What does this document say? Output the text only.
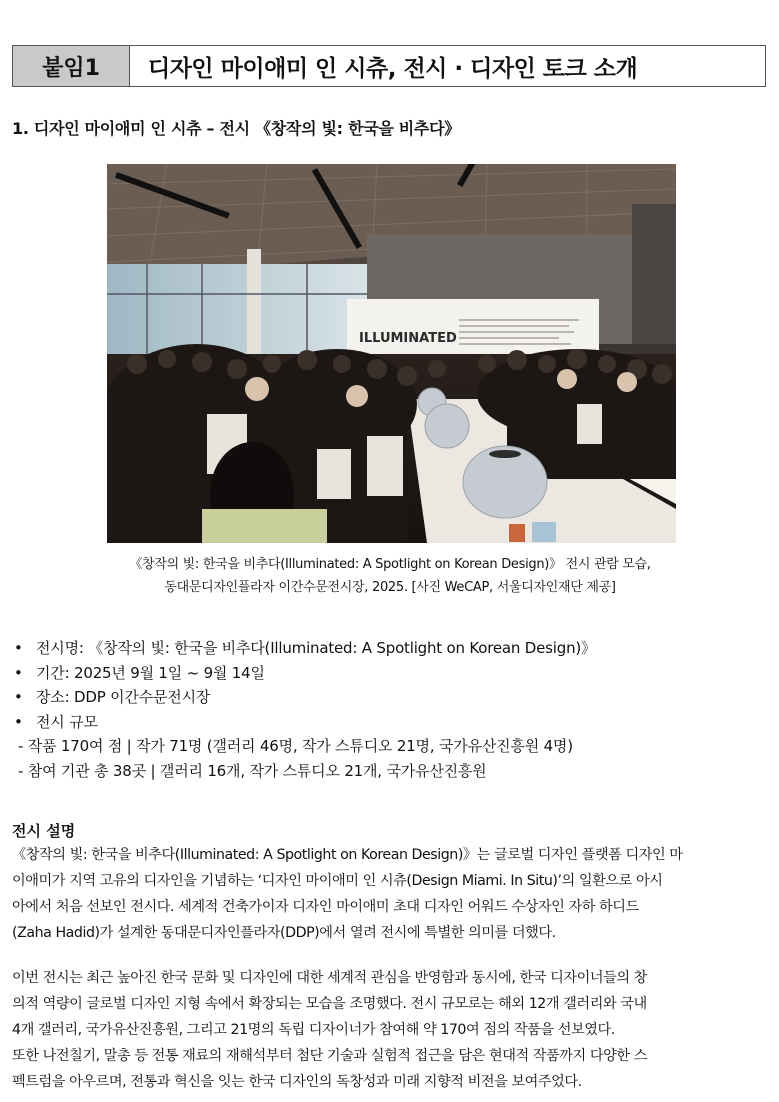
붙임1	디자인 마이애미 인 시츄, 전시 · 디자인 토크 소개
1. 디자인 마이애미 인 시츄 – 전시 《창작의 빛: 한국을 비추다》
ILLUMINATED
《창작의 빛: 한국을 비추다(Illuminated: A Spotlight on Korean Design)》 전시 관람 모습,
동대문디자인플라자 이간수문전시장, 2025. [사진 WeCAP, 서울디자인재단 제공]
• 전시명: 《창작의 빛: 한국을 비추다(Illuminated: A Spotlight on Korean Design)》
• 기간: 2025년 9월 1일 ~ 9월 14일
• 장소: DDP 이간수문전시장
• 전시 규모
- 작품 170여 점 | 작가 71명 (갤러리 46명, 작가 스튜디오 21명, 국가유산진흥원 4명)
- 참여 기관 총 38곳 | 갤러리 16개, 작가 스튜디오 21개, 국가유산진흥원
전시 설명
《창작의 빛: 한국을 비추다(Illuminated: A Spotlight on Korean Design)》는 글로벌 디자인 플랫폼 디자인 마
이애미가 지역 고유의 디자인을 기념하는 ‘디자인 마이애미 인 시츄(Design Miami. In Situ)’의 일환으로 아시
아에서 처음 선보인 전시다. 세계적 건축가이자 디자인 마이애미 초대 디자인 어워드 수상자인 자하 하디드
(Zaha Hadid)가 설계한 동대문디자인플라자(DDP)에서 열려 전시에 특별한 의미를 더했다.
이번 전시는 최근 높아진 한국 문화 및 디자인에 대한 세계적 관심을 반영함과 동시에, 한국 디자이너들의 창
의적 역량이 글로벌 디자인 지형 속에서 확장되는 모습을 조명했다. 전시 규모로는 해외 12개 갤러리와 국내
4개 갤러리, 국가유산진흥원, 그리고 21명의 독립 디자이너가 참여해 약 170여 점의 작품을 선보였다.
또한 나전칠기, 말총 등 전통 재료의 재해석부터 첨단 기술과 실험적 접근을 담은 현대적 작품까지 다양한 스
펙트럼을 아우르며, 전통과 혁신을 잇는 한국 디자인의 독창성과 미래 지향적 비전을 보여주었다.
